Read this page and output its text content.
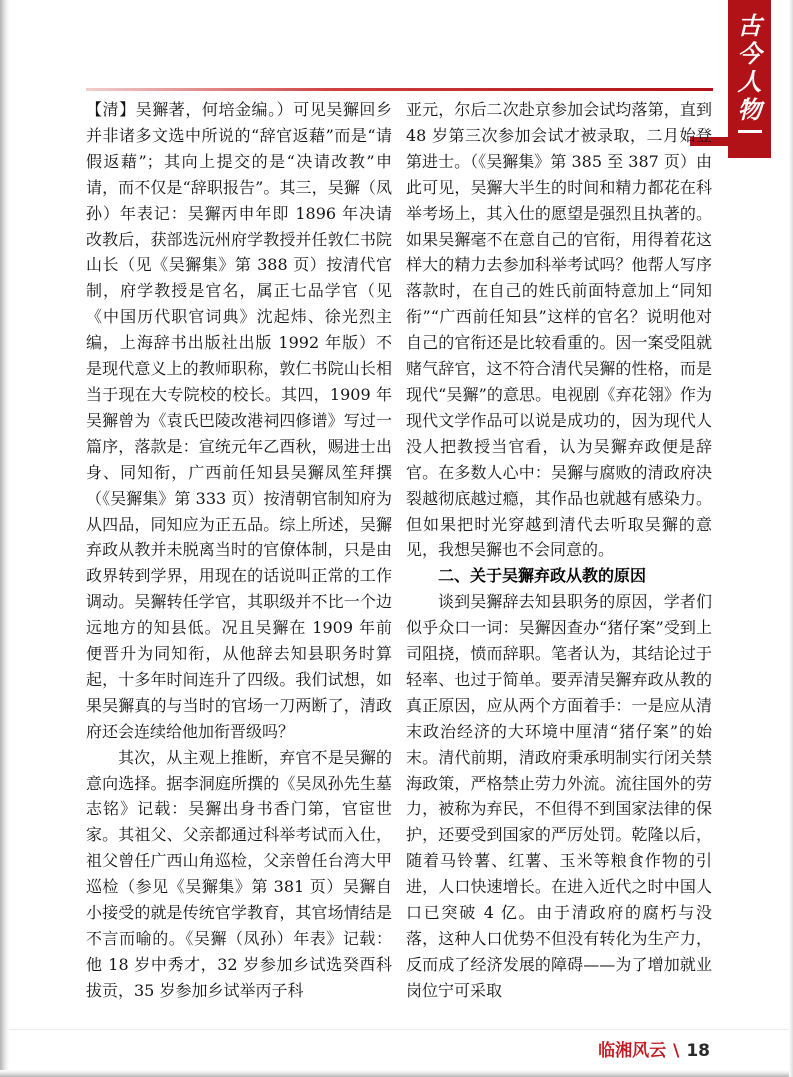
古
今
人
物

【清】吴獬著，何培金编。）可见吴獬回乡并非诸多文选中所说的“辞官返藉”而是“请假返藉”；其向上提交的是“决请改教”申请，而不仅是“辞职报告”。其三，吴獬（凤孙）年表记：吴獬丙申年即 1896 年决请改教后，获部选沅州府学教授并任敦仁书院山长（见《吴獬集》第 388 页）按清代官制，府学教授是官名，属正七品学官（见《中国历代职官词典》沈起炜、徐光烈主编，上海辞书出版社出版 1992 年版）不是现代意义上的教师职称，敦仁书院山长相当于现在大专院校的校长。其四，1909 年吴獬曾为《袁氏巴陵改港祠四修谱》写过一篇序，落款是：宣统元年乙酉秋，赐进士出身、同知衔，广西前任知县吴獬凤笙拜撰（《吴獬集》第 333 页）按清朝官制知府为从四品，同知应为正五品。综上所述，吴獬弃政从教并未脱离当时的官僚体制，只是由政界转到学界，用现在的话说叫正常的工作调动。吴獬转任学官，其职级并不比一个边远地方的知县低。况且吴獬在 1909 年前便晋升为同知衔，从他辞去知县职务时算起，十多年时间连升了四级。我们试想，如果吴獬真的与当时的官场一刀两断了，清政府还会连续给他加衔晋级吗？

其次，从主观上推断，弃官不是吴獬的意向选择。据李洞庭所撰的《吴凤孙先生墓志铭》记载：吴獬出身书香门第，官宦世家。其祖父、父亲都通过科举考试而入仕，祖父曾任广西山角巡检，父亲曾任台湾大甲巡检（参见《吴獬集》第 381 页）吴獬自小接受的就是传统官学教育，其官场情结是不言而喻的。《吴獬（凤孙）年表》记载：他 18 岁中秀才，32 岁参加乡试选癸酉科拔贡，35 岁参加乡试举丙子科

亚元，尔后二次赴京参加会试均落第，直到 48 岁第三次参加会试才被录取，二月始登第进士。（《吴獬集》第 385 至 387 页）由此可见，吴獬大半生的时间和精力都花在科举考场上，其入仕的愿望是强烈且执著的。如果吴獬毫不在意自己的官衔，用得着花这样大的精力去参加科举考试吗？他帮人写序落款时，在自己的姓氏前面特意加上“同知衔”“广西前任知县”这样的官名？说明他对自己的官衔还是比较看重的。因一案受阻就赌气辞官，这不符合清代吴獬的性格，而是现代“吴獬”的意思。电视剧《弃花翎》作为现代文学作品可以说是成功的，因为现代人没人把教授当官看，认为吴獬弃政便是辞官。在多数人心中：吴獬与腐败的清政府决裂越彻底越过瘾，其作品也就越有感染力。但如果把时光穿越到清代去听取吴獬的意见，我想吴獬也不会同意的。

二、关于吴獬弃政从教的原因

谈到吴獬辞去知县职务的原因，学者们似乎众口一词：吴獬因查办“猪仔案”受到上司阻挠，愤而辞职。笔者认为，其结论过于轻率、也过于简单。要弄清吴獬弃政从教的真正原因，应从两个方面着手：一是应从清末政治经济的大环境中厘清“猪仔案”的始末。清代前期，清政府秉承明制实行闭关禁海政策，严格禁止劳力外流。流往国外的劳力，被称为弃民，不但得不到国家法律的保护，还要受到国家的严厉处罚。乾隆以后，随着马铃薯、红薯、玉米等粮食作物的引进，人口快速增长。在进入近代之时中国人口已突破 4 亿。由于清政府的腐朽与没落，这种人口优势不但没有转化为生产力，反而成了经济发展的障碍——为了增加就业岗位宁可采取

临湘风云 \ 18
